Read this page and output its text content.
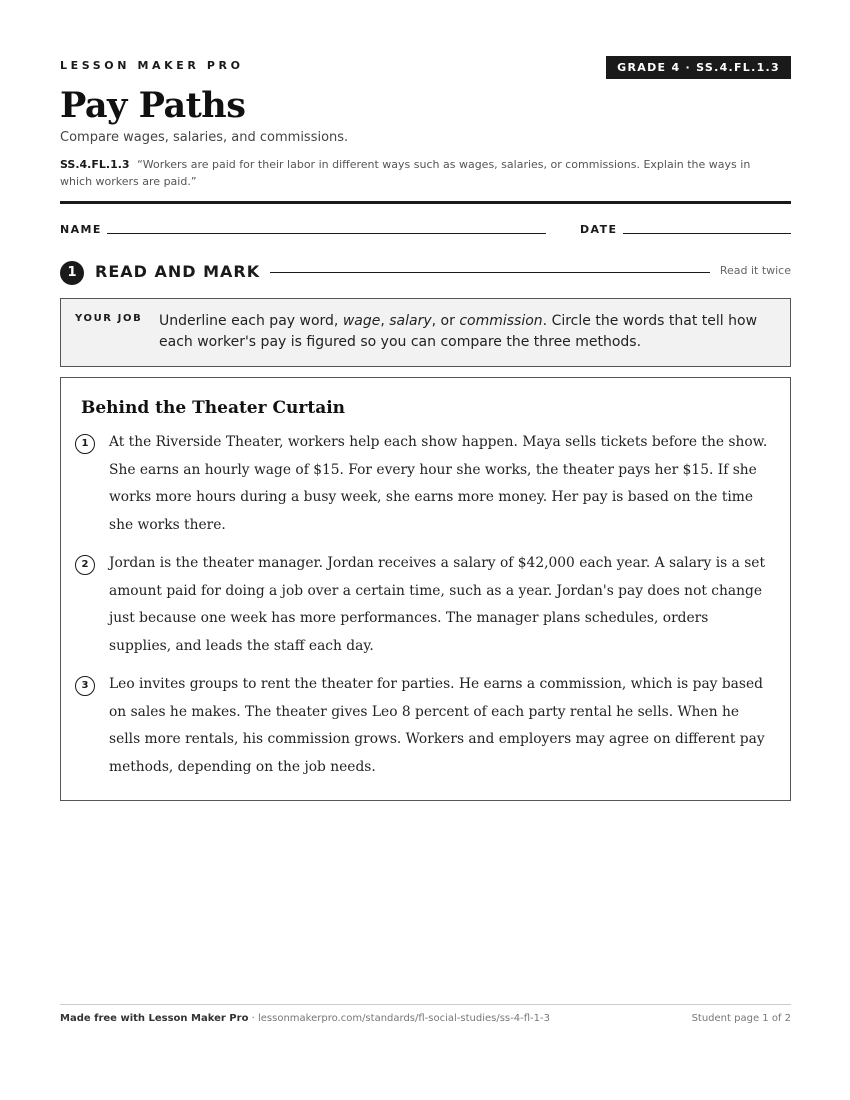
LESSON MAKER PRO	GRADE 4 · SS.4.FL.1.3
Pay Paths
Compare wages, salaries, and commissions.
SS.4.FL.1.3 “Workers are paid for their labor in different ways such as wages, salaries, or commissions. Explain the ways in which workers are paid.”
NAME	DATE
1	READ AND MARK	Read it twice
YOUR JOB Underline each pay word, wage, salary, or commission. Circle the words that tell how each worker's pay is figured so you can compare the three methods.
Behind the Theater Curtain
1	At the Riverside Theater, workers help each show happen. Maya sells tickets before the show. She earns an hourly wage of $15. For every hour she works, the theater pays her $15. If she works more hours during a busy week, she earns more money. Her pay is based on the time she works there.
2	Jordan is the theater manager. Jordan receives a salary of $42,000 each year. A salary is a set amount paid for doing a job over a certain time, such as a year. Jordan's pay does not change just because one week has more performances. The manager plans schedules, orders supplies, and leads the staff each day.
3	Leo invites groups to rent the theater for parties. He earns a commission, which is pay based on sales he makes. The theater gives Leo 8 percent of each party rental he sells. When he sells more rentals, his commission grows. Workers and employers may agree on different pay methods, depending on the job needs.
Made free with Lesson Maker Pro · lessonmakerpro.com/standards/fl-social-studies/ss-4-fl-1-3	Student page 1 of 2
